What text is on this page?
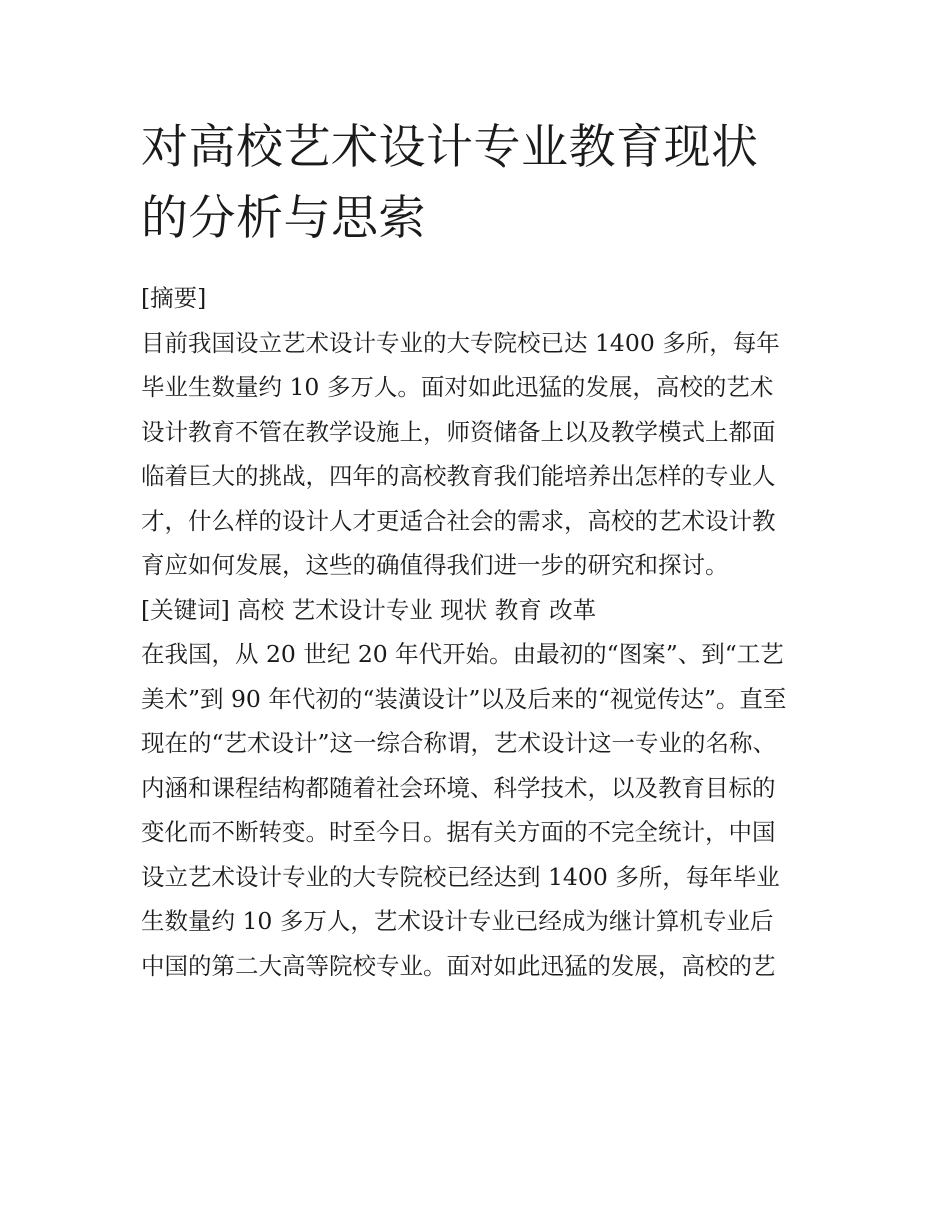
对高校艺术设计专业教育现状
的分析与思索
[摘要]
目前我国设立艺术设计专业的大专院校已达 1400 多所，每年
毕业生数量约 10 多万人。面对如此迅猛的发展，高校的艺术
设计教育不管在教学设施上，师资储备上以及教学模式上都面
临着巨大的挑战，四年的高校教育我们能培养出怎样的专业人
才，什么样的设计人才更适合社会的需求，高校的艺术设计教
育应如何发展，这些的确值得我们进一步的研究和探讨。
[关键词] 高校 艺术设计专业 现状 教育 改革
在我国，从 20 世纪 20 年代开始。由最初的“图案”、到“工艺
美术”到 90 年代初的“装潢设计”以及后来的“视觉传达”。直至
现在的“艺术设计”这一综合称谓，艺术设计这一专业的名称、
内涵和课程结构都随着社会环境、科学技术，以及教育目标的
变化而不断转变。时至今日。据有关方面的不完全统计，中国
设立艺术设计专业的大专院校已经达到 1400 多所，每年毕业
生数量约 10 多万人，艺术设计专业已经成为继计算机专业后
中国的第二大高等院校专业。面对如此迅猛的发展，高校的艺
